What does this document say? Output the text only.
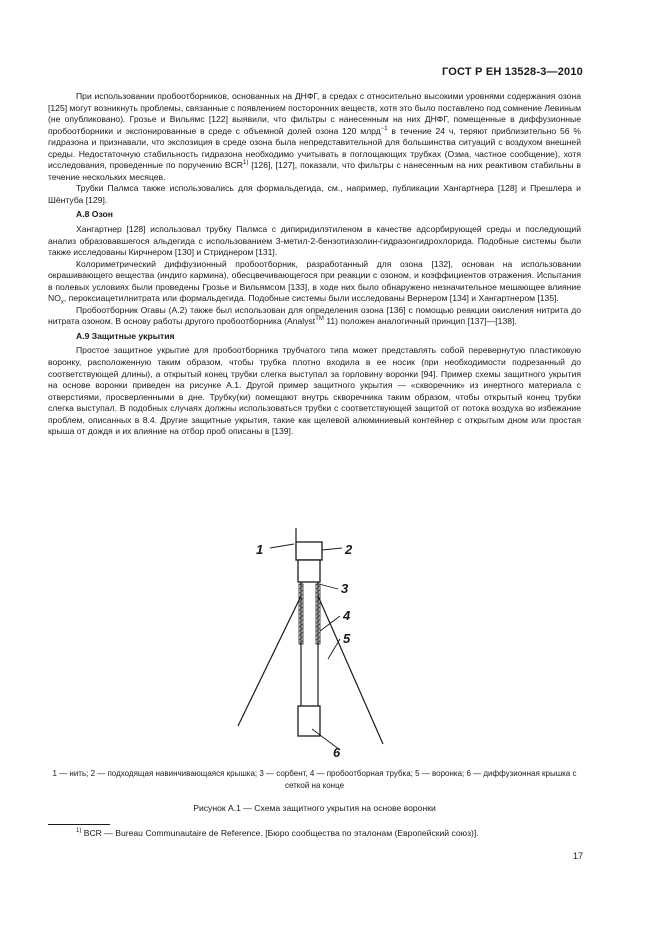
ГОСТ Р ЕН 13528-3—2010

При использовании пробоотборников, основанных на ДНФГ, в средах с относительно высокими уровнями содержания озона [125] могут возникнуть проблемы, связанные с появлением посторонних веществ, хотя это было поставлено под сомнение Левиным (не опубликовано). Грозье и Вильямс [122] выявили, что фильтры с нанесенным на них ДНФГ, помещенные в диффузионные пробоотборники и экспонированные в среде с объемной долей озона 120 млрд$^{-1}$ в течение 24 ч, теряют приблизительно 56 % гидразона и признавали, что экспозиция в среде озона была непредставительной для большинства ситуаций с воздухом внешней среды. Недостаточную стабильность гидразона необходимо учитывать в поглощающих трубках (Озма, частное сообщение), хотя исследования, проведенные по поручению BCR$^{1)}$ [126], [127], показали, что фильтры с нанесенным на них реактивом стабильны в течение нескольких месяцев.

Трубки Палмса также использовались для формальдегида, см., например, публикации Хангартнера [128] и Прешлера и Шёнтуба [129].

А.8 Озон

Хангартнер [128] использовал трубку Палмса с дипиридилэтиленом в качестве адсорбирующей среды и последующий анализ образовавшегося альдегида с использованием 3-метил-2-бензотиазолин-гидразонгидрохлорида. Подобные системы были также исследованы Кирчнером [130] и Стриднером [131].

Колориметрический диффузионный пробоотборник, разработанный для озона [132], основан на использовании окрашивающего вещества (индиго кармина), обесцвечивающегося при реакции с озоном, и коэффициентов отражения. Испытания в полевых условиях были проведены Грозье и Вильямсом [133], в ходе них было обнаружено незначительное мешающее влияние $NO_x$, пероксиацетилнитрата или формальдегида. Подобные системы были исследованы Вернером [134] и Хангартнером [135].

Пробоотборник Огавы (А.2) также был использован для определения озона [136] с помощью реакции окисления нитрита до нитрата озоном. В основу работы другого пробоотборника (Analyst™ 11) положен аналогичный принцип [137]—[138].

А.9 Защитные укрытия

Простое защитное укрытие для пробоотборника трубчатого типа может представлять собой перевернутую пластиковую воронку, расположенную таким образом, чтобы трубка плотно входила в ее носик (при необходимости подрезанный до соответствующей длины), а открытый конец трубки слегка выступал за горловину воронки [94]. Пример схемы защитного укрытия на основе воронки приведен на рисунке А.1. Другой пример защитного укрытия — «скворечник» из инертного материала с отверстиями, просверленными в дне. Трубку(ки) помещают внутрь скворечника таким образом, чтобы открытый конец трубки слегка выступал. В подобных случаях должны использоваться трубки с соответствующей защитой от потока воздуха во избежание проблем, описанных в 8.4. Другие защитные укрытия, такие как щелевой алюминиевый контейнер с открытым дном или простая крыша от дождя и их влияние на отбор проб описаны в [139].

1	2
3
4
5
6
1 — нить; 2 — подходящая навинчивающаяся крышка; 3 — сорбент, 4 — пробоотборная трубка; 5 — воронка; 6 — диффузионная крышка с сеткой на конце
Рисунок А.1 — Схема защитного укрытия на основе воронки
$^{1)}$ BCR — Bureau Communautaire de Reference. [Бюро сообщества по эталонам (Европейский союз)].
17
